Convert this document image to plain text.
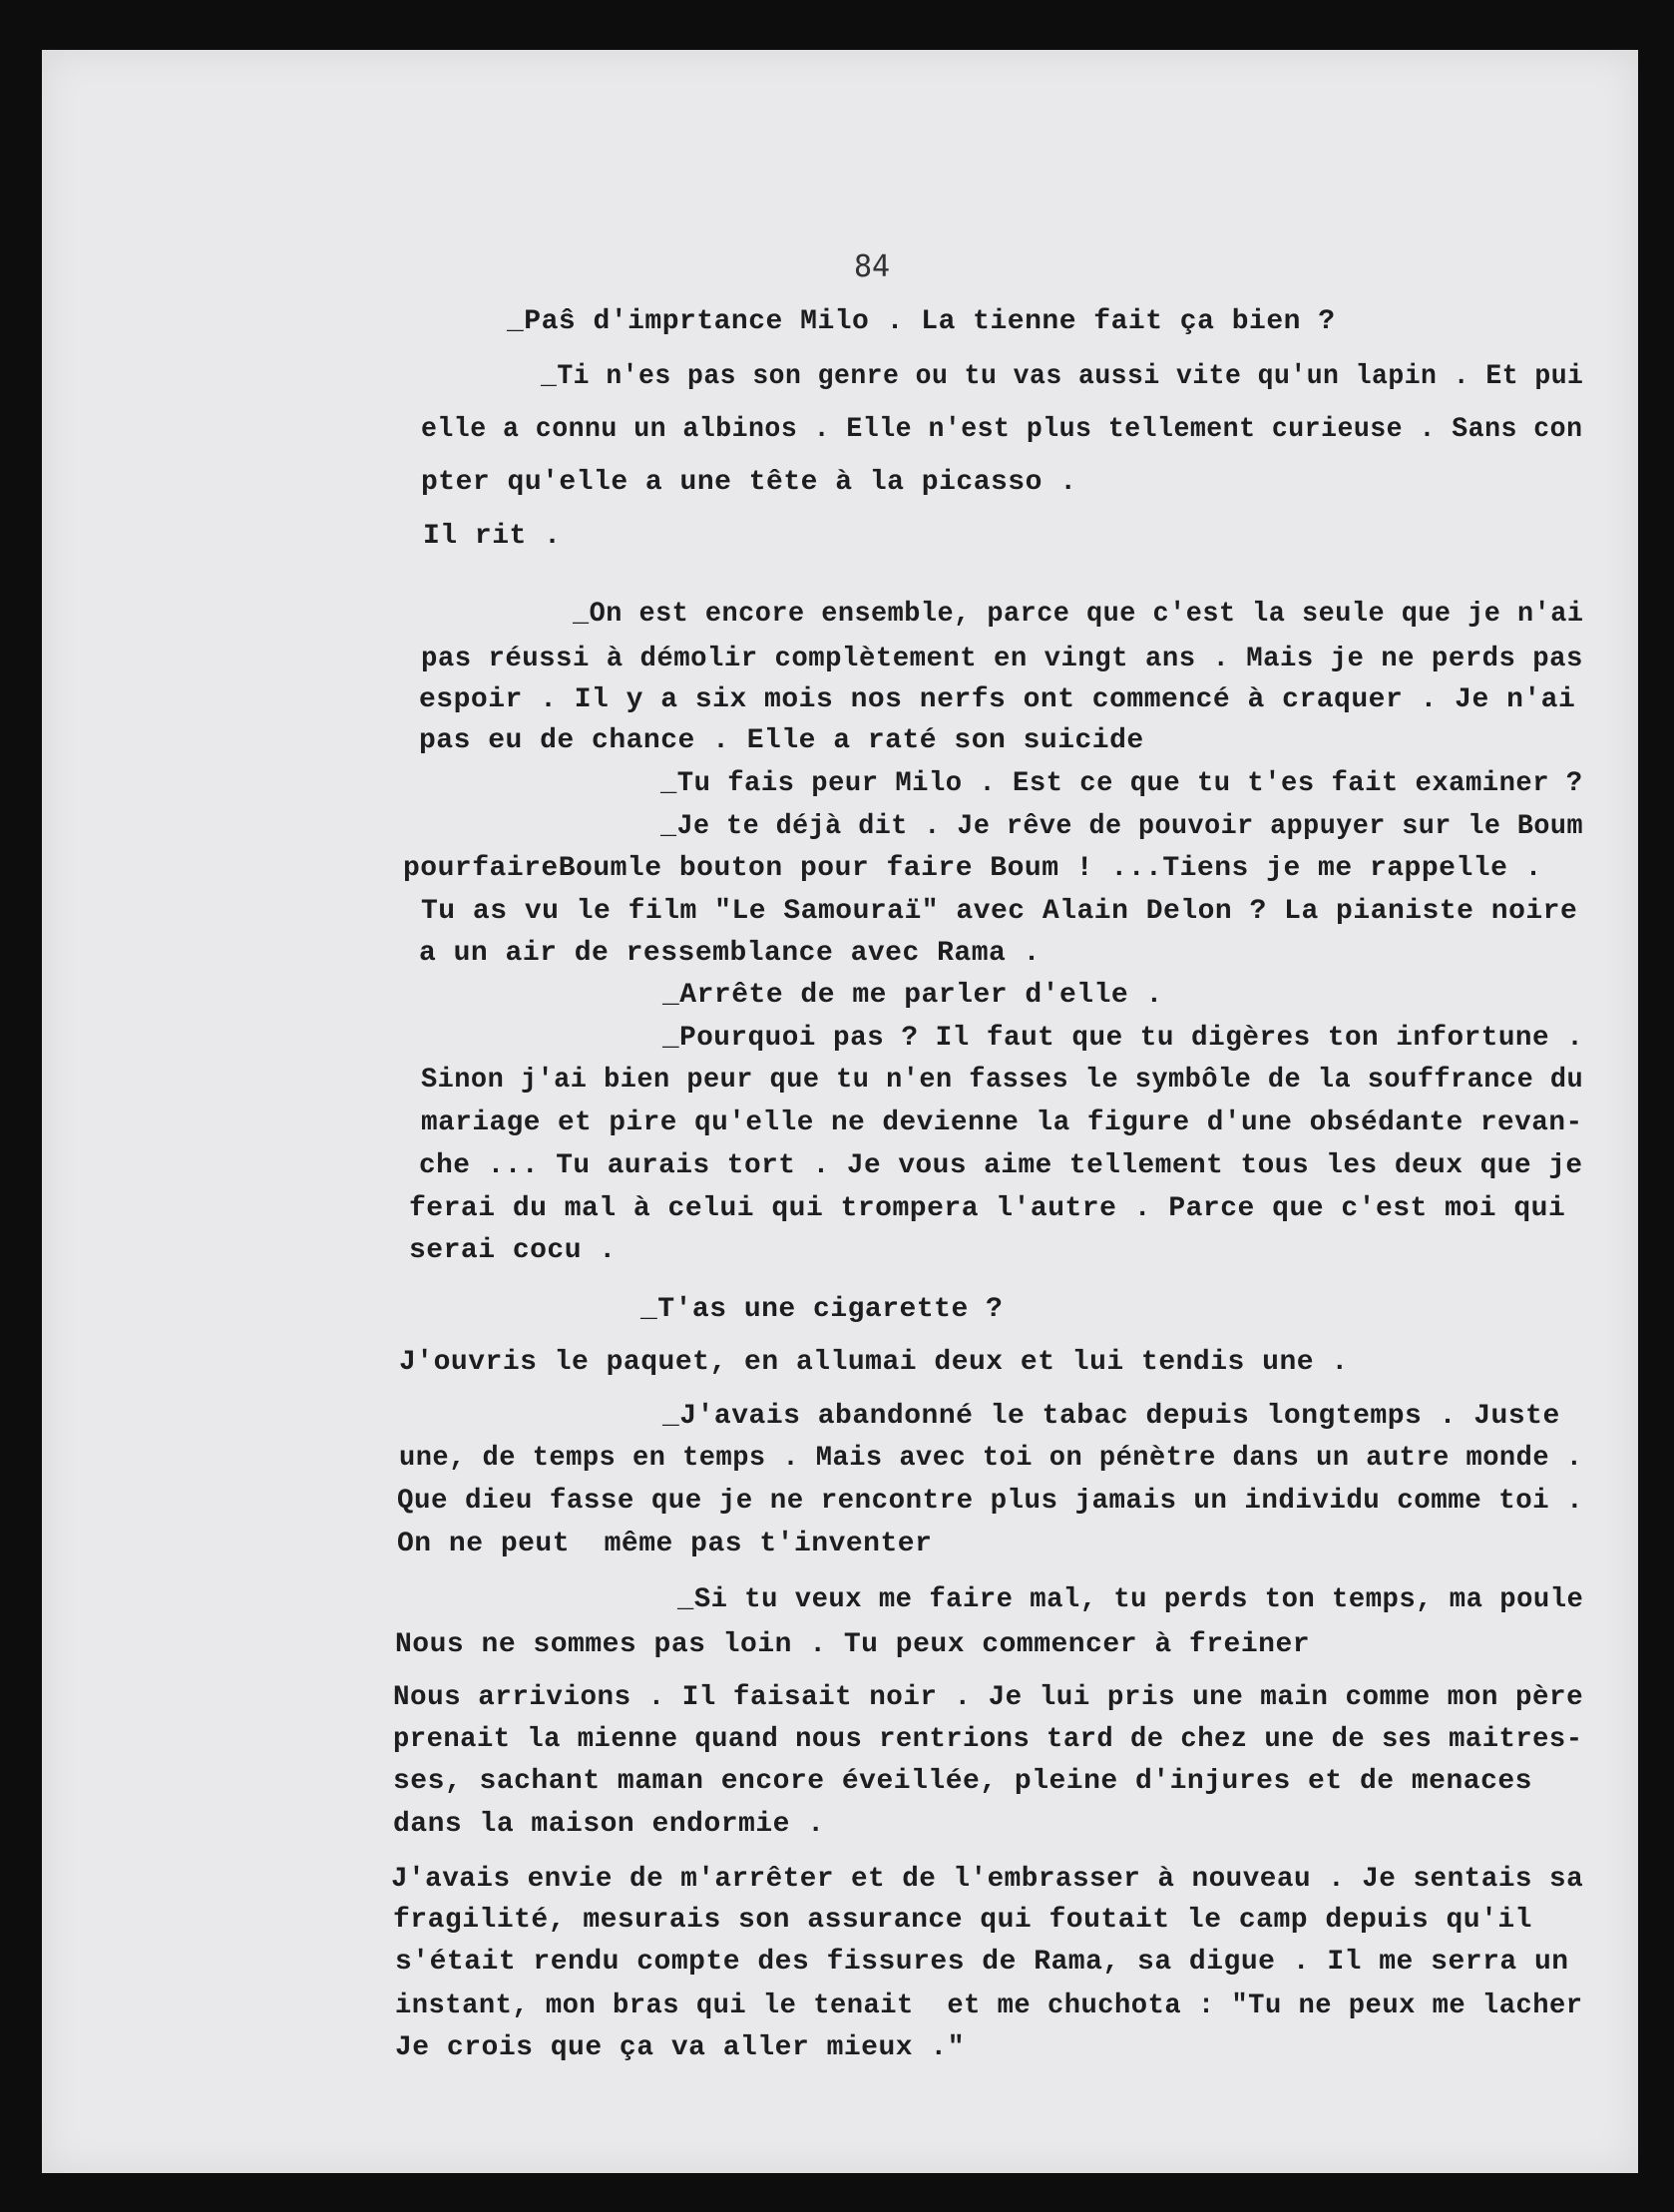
84
_Paŝ d'imprtance Milo . La tienne fait ça bien ?
_Ti n'es pas son genre ou tu vas aussi vite qu'un lapin . Et pui
elle a connu un albinos . Elle n'est plus tellement curieuse . Sans con
pter qu'elle a une tête à la picasso .
Il rit .
_On est encore ensemble, parce que c'est la seule que je n'ai
pas réussi à démolir complètement en vingt ans . Mais je ne perds pas
espoir . Il y a six mois nos nerfs ont commencé à craquer . Je n'ai
pas eu de chance . Elle a raté son suicide
_Tu fais peur Milo . Est ce que tu t'es fait examiner ?
_Je te déjà dit . Je rêve de pouvoir appuyer sur le Boum
pourfaireBoumle bouton pour faire Boum ! ...Tiens je me rappelle .
Tu as vu le film "Le Samouraï" avec Alain Delon ? La pianiste noire
a un air de ressemblance avec Rama .
_Arrête de me parler d'elle .
_Pourquoi pas ? Il faut que tu digères ton infortune .
Sinon j'ai bien peur que tu n'en fasses le symbôle de la souffrance du
mariage et pire qu'elle ne devienne la figure d'une obsédante revan-
che ... Tu aurais tort . Je vous aime tellement tous les deux que je
ferai du mal à celui qui trompera l'autre . Parce que c'est moi qui
serai cocu .
_T'as une cigarette ?
J'ouvris le paquet, en allumai deux et lui tendis une .
_J'avais abandonné le tabac depuis longtemps . Juste
une, de temps en temps . Mais avec toi on pénètre dans un autre monde .
Que dieu fasse que je ne rencontre plus jamais un individu comme toi .
On ne peut  même pas t'inventer
_Si tu veux me faire mal, tu perds ton temps, ma poule
Nous ne sommes pas loin . Tu peux commencer à freiner
Nous arrivions . Il faisait noir . Je lui pris une main comme mon père
prenait la mienne quand nous rentrions tard de chez une de ses maitres-
ses, sachant maman encore éveillée, pleine d'injures et de menaces
dans la maison endormie .
J'avais envie de m'arrêter et de l'embrasser à nouveau . Je sentais sa
fragilité, mesurais son assurance qui foutait le camp depuis qu'il
s'était rendu compte des fissures de Rama, sa digue . Il me serra un
instant, mon bras qui le tenait  et me chuchota : "Tu ne peux me lacher
Je crois que ça va aller mieux ."
